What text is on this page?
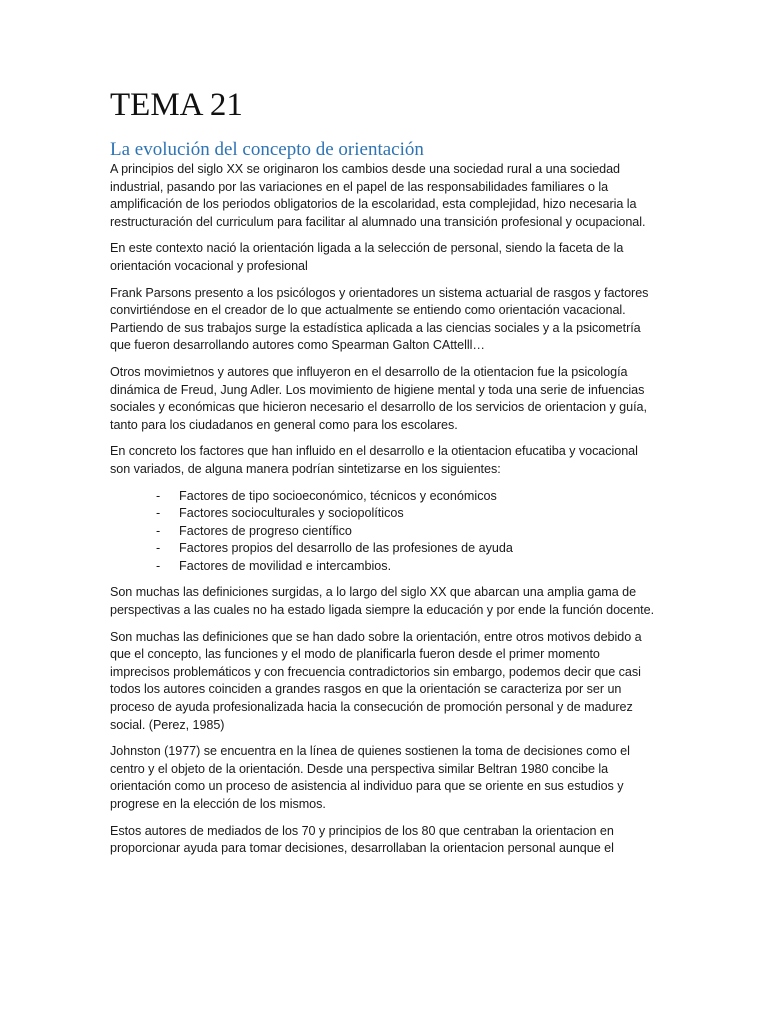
TEMA 21
La evolución del concepto de orientación

A principios del siglo XX se originaron los cambios desde una sociedad rural a una sociedad industrial, pasando por las variaciones en el papel de las responsabilidades familiares o la amplificación de los periodos obligatorios de la escolaridad, esta complejidad, hizo necesaria la restructuración del curriculum para facilitar al alumnado una transición profesional y ocupacional.

En este contexto nació la orientación ligada a la selección de personal, siendo la faceta de la orientación vocacional y profesional

Frank Parsons presento a los psicólogos y orientadores un sistema actuarial de rasgos y factores convirtiéndose en el creador de lo que actualmente se entiendo como orientación vacacional. Partiendo de sus trabajos surge la estadística aplicada a las ciencias sociales y a la psicometría que fueron desarrollando autores como Spearman Galton CAttelll…

Otros movimietnos y autores que influyeron en el desarrollo de la otientacion fue la psicología dinámica de Freud, Jung Adler. Los movimiento de higiene mental y toda una serie de infuencias sociales y económicas que hicieron necesario el desarrollo de los servicios de orientacion y guía, tanto para los ciudadanos en general como para los escolares.

En concreto los factores que han influido en el desarrollo e la otientacion efucatiba y vocacional son variados, de alguna manera podrían sintetizarse en los siguientes:

- Factores de tipo socioeconómico, técnicos y económicos
- Factores socioculturales y sociopolíticos
- Factores de progreso científico
- Factores propios del desarrollo de las profesiones de ayuda
- Factores de movilidad e intercambios.

Son muchas las definiciones surgidas, a lo largo del siglo XX que abarcan una amplia gama de perspectivas a las cuales no ha estado ligada siempre la educación y por ende la función docente.

Son muchas las definiciones que se han dado sobre la orientación, entre otros motivos debido a que el concepto, las funciones y el modo de planificarla fueron desde el primer momento imprecisos problemáticos y con frecuencia contradictorios sin embargo, podemos decir que casi todos los autores coinciden a grandes rasgos en que la orientación se caracteriza por ser un proceso de ayuda profesionalizada hacia la consecución de promoción personal y de madurez social. (Perez, 1985)

Johnston (1977) se encuentra en la línea de quienes sostienen la toma de decisiones como el centro y el objeto de la orientación. Desde una perspectiva similar Beltran 1980 concibe la orientación como un proceso de asistencia al individuo para que se oriente en sus estudios y progrese en la elección de los mismos.

Estos autores de mediados de los 70 y principios de los 80 que centraban la orientacion en proporcionar ayuda para tomar decisiones, desarrollaban la orientacion personal aunque el
